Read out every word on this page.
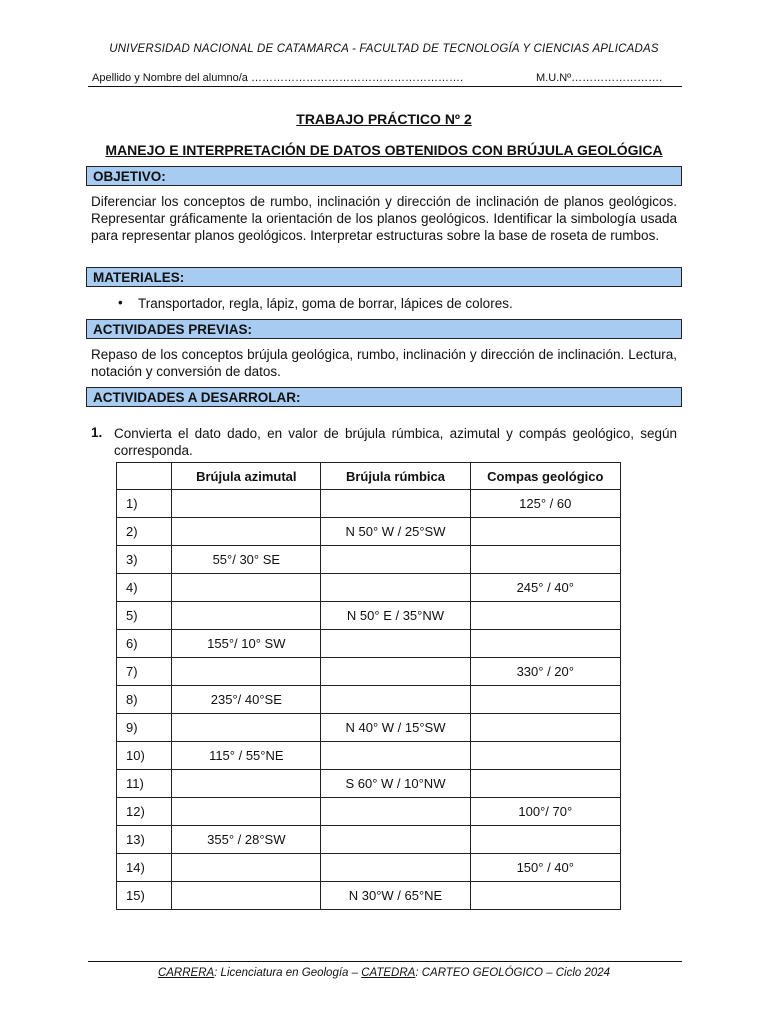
UNIVERSIDAD NACIONAL DE CATAMARCA - FACULTAD DE TECNOLOGÍA Y CIENCIAS APLICADAS
Apellido y Nombre del alumno/a ………………………………………………….	M.U.Nº…………………….
TRABAJO PRÁCTICO Nº 2
MANEJO E INTERPRETACIÓN DE DATOS OBTENIDOS CON BRÚJULA GEOLÓGICA
OBJETIVO:
Diferenciar los conceptos de rumbo, inclinación y dirección de inclinación de planos geológicos. Representar gráficamente la orientación de los planos geológicos. Identificar la simbología usada para representar planos geológicos. Interpretar estructuras sobre la base de roseta de rumbos.
MATERIALES:
• Transportador, regla, lápiz, goma de borrar, lápices de colores.
ACTIVIDADES PREVIAS:
Repaso de los conceptos brújula geológica, rumbo, inclinación y dirección de inclinación. Lectura, notación y conversión de datos.
ACTIVIDADES A DESARROLAR:
1. Convierta el dato dado, en valor de brújula rúmbica, azimutal y compás geológico, según corresponda.
	Brújula azimutal	Brújula rúmbica	Compas geológico
1)			125° / 60
2)		N 50° W / 25°SW	
3)	55°/ 30° SE		
4)			245° / 40°
5)		N 50° E / 35°NW	
6)	155°/ 10° SW		
7)			330° / 20°
8)	235°/ 40°SE		
9)		N 40° W / 15°SW	
10)	115° / 55°NE		
11)		S 60° W / 10°NW	
12)			100°/ 70°
13)	355° / 28°SW		
14)			150° / 40°
15)		N 30°W / 65°NE	
CARRERA: Licenciatura en Geología – CATEDRA: CARTEO GEOLÓGICO – Ciclo 2024
